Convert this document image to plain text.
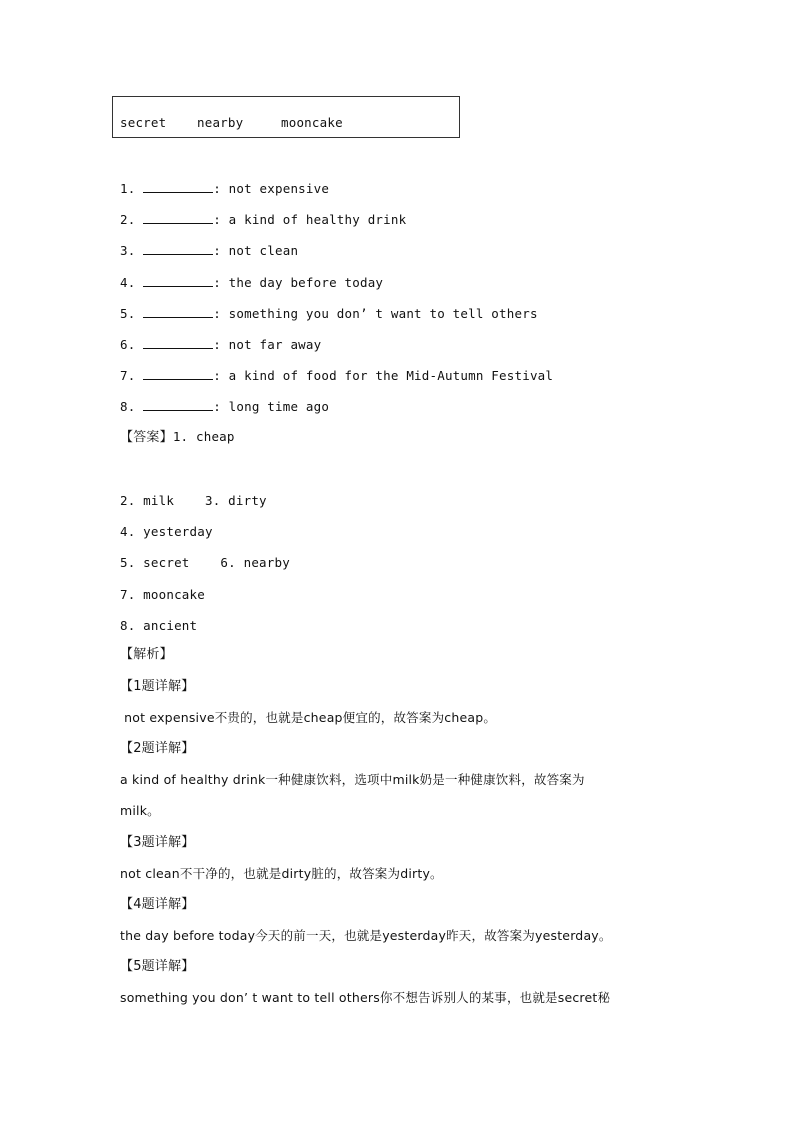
secret nearby	mooncake
1.	: not expensive
2.	: a kind of healthy drink
3.	: not clean
4.	: the day before today
5.	: something you don’ t want to tell others
6.	: not far away
7.	: a kind of food for the Mid-Autumn Festival
8.	: long time ago
【答案】1. cheap
2. milk    3. dirty
4. yesterday
5. secret    6. nearby
7. mooncake
8. ancient
【解析】
【1题详解】
not expensive不贵的，也就是cheap便宜的，故答案为cheap。
【2题详解】
a kind of healthy drink一种健康饮料，选项中milk奶是一种健康饮料，故答案为
milk。
【3题详解】
not clean不干净的，也就是dirty脏的，故答案为dirty。
【4题详解】
the day before today今天的前一天，也就是yesterday昨天，故答案为yesterday。
【5题详解】
something you don’ t want to tell others你不想告诉别人的某事，也就是secret秘
